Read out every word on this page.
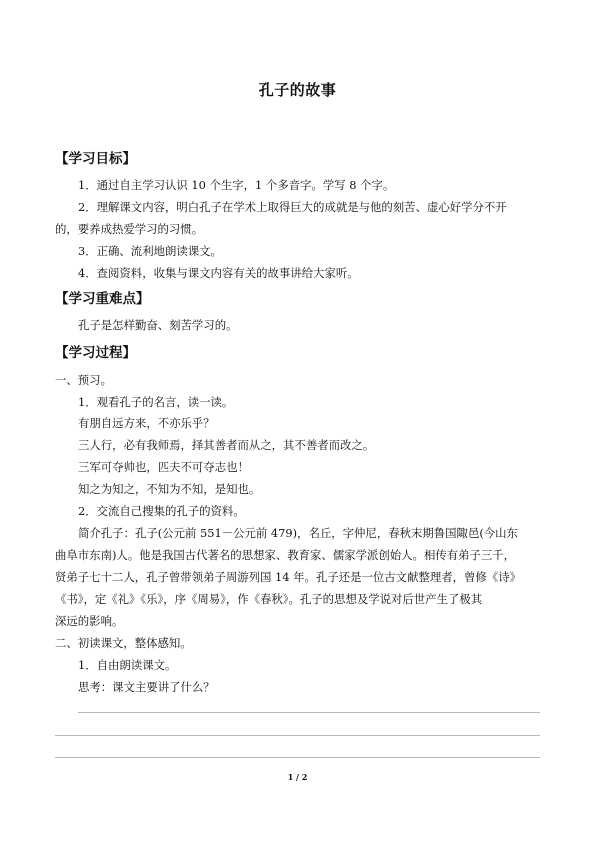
孔子的故事
【学习目标】
1．通过自主学习认识 10 个生字，1 个多音字。学写 8 个字。
2．理解课文内容，明白孔子在学术上取得巨大的成就是与他的刻苦、虚心好学分不开
的，要养成热爱学习的习惯。
3．正确、流利地朗读课文。
4．查阅资料，收集与课文内容有关的故事讲给大家听。
【学习重难点】
孔子是怎样勤奋、刻苦学习的。
【学习过程】
一、预习。
1．观看孔子的名言，读一读。
有朋自远方来，不亦乐乎？
三人行，必有我师焉，择其善者而从之，其不善者而改之。
三军可夺帅也，匹夫不可夺志也！
知之为知之，不知为不知，是知也。
2．交流自己搜集的孔子的资料。
简介孔子：孔子(公元前 551－公元前 479)，名丘，字仲尼，春秋末期鲁国陬邑(今山东
曲阜市东南)人。他是我国古代著名的思想家、教育家、儒家学派创始人。相传有弟子三千，
贤弟子七十二人，孔子曾带领弟子周游列国 14 年。孔子还是一位古文献整理者，曾修《诗》
《书》，定《礼》《乐》，序《周易》，作《春秋》。孔子的思想及学说对后世产生了极其
深远的影响。
二、初读课文，整体感知。
1．自由朗读课文。
思考：课文主要讲了什么？
1 / 2
